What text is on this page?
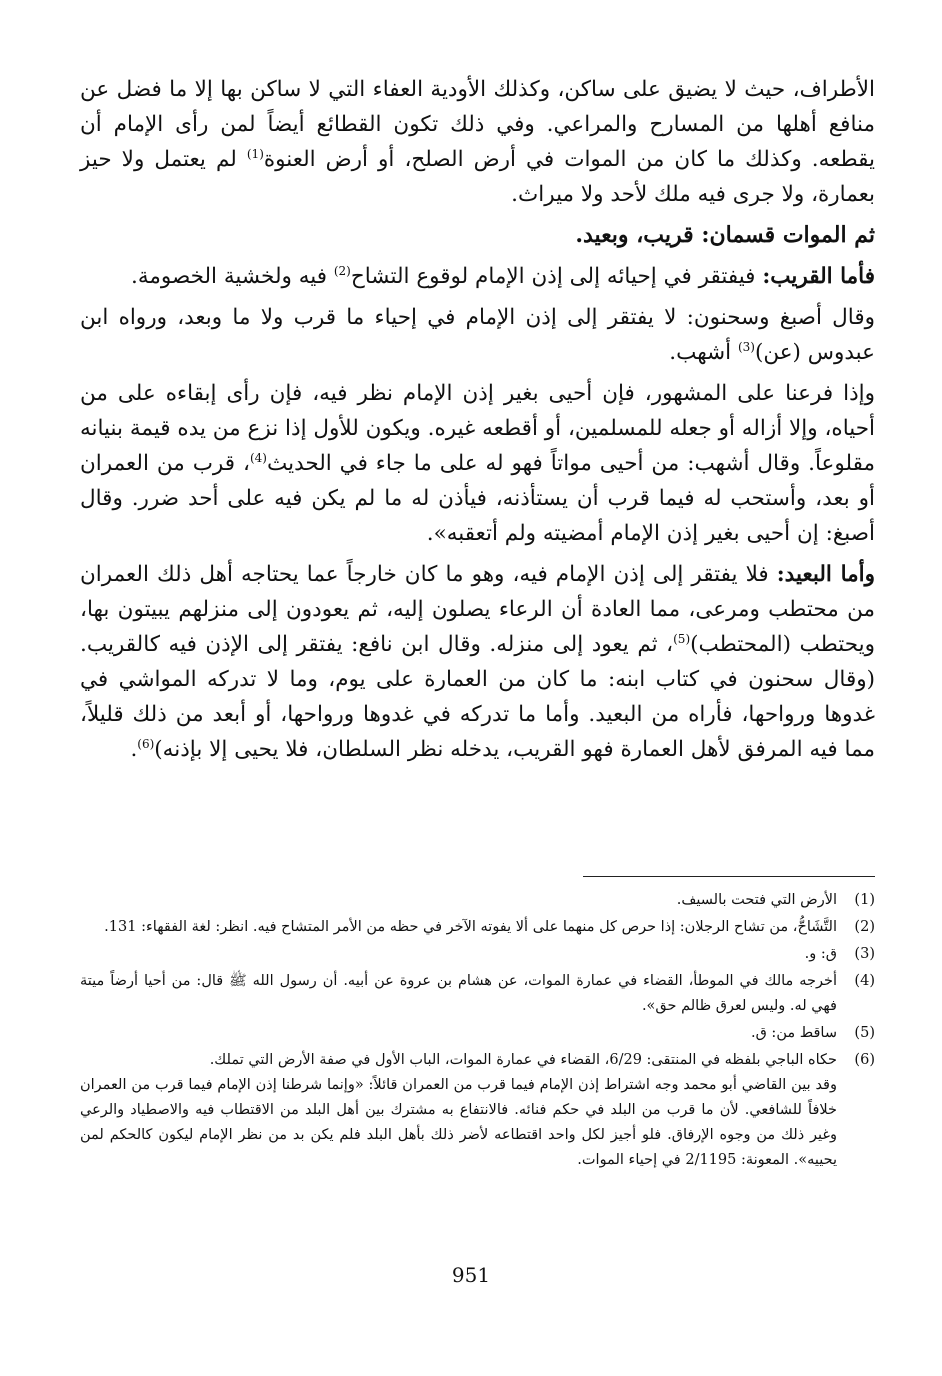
الأطراف، حيث لا يضيق على ساكن، وكذلك الأودية العفاء التي لا ساكن بها إلا ما فضل عن منافع أهلها من المسارح والمراعي. وفي ذلك تكون القطائع أيضاً لمن رأى الإمام أن يقطعه. وكذلك ما كان من الموات في أرض الصلح، أو أرض العنوة$^{(1)}$ لم يعتمل ولا حيز بعمارة، ولا جرى فيه ملك لأحد ولا ميراث.

ثم الموات قسمان: قريب، وبعيد.

فأما القريب: فيفتقر في إحيائه إلى إذن الإمام لوقوع التشاح$^{(2)}$ فيه ولخشية الخصومة.

وقال أصبغ وسحنون: لا يفتقر إلى إذن الإمام في إحياء ما قرب ولا ما وبعد، ورواه ابن عبدوس (عن)$^{(3)}$ أشهب.

وإذا فرعنا على المشهور، فإن أحيى بغير إذن الإمام نظر فيه، فإن رأى إبقاءه على من أحياه، وإلا أزاله أو جعله للمسلمين، أو أقطعه غيره. ويكون للأول إذا نزع من يده قيمة بنيانه مقلوعاً. وقال أشهب: من أحيى مواتاً فهو له على ما جاء في الحديث$^{(4)}$، قرب من العمران أو بعد، وأستحب له فيما قرب أن يستأذنه، فيأذن له ما لم يكن فيه على أحد ضرر. وقال أصبغ: إن أحيى بغير إذن الإمام أمضيته ولم أتعقبه».

وأما البعيد: فلا يفتقر إلى إذن الإمام فيه، وهو ما كان خارجاً عما يحتاجه أهل ذلك العمران من محتطب ومرعى، مما العادة أن الرعاء يصلون إليه، ثم يعودون إلى منزلهم يبيتون بها، ويحتطب (المحتطب)$^{(5)}$، ثم يعود إلى منزله. وقال ابن نافع: يفتقر إلى الإذن فيه كالقريب. (وقال سحنون في كتاب ابنه: ما كان من العمارة على يوم، وما لا تدركه المواشي في غدوها ورواحها، فأراه من البعيد. وأما ما تدركه في غدوها ورواحها، أو أبعد من ذلك قليلاً، مما فيه المرفق لأهل العمارة فهو القريب، يدخله نظر السلطان، فلا يحيى إلا بإذنه)$^{(6)}$.

(1)

الأرض التي فتحت بالسيف.

(2)

التَّشَاحُّ، من تشاح الرجلان: إذا حرص كل منهما على ألا يفوته الآخر في حظه من الأمر المتشاح فيه. انظر: لغة الفقهاء: 131.

(3)

ق: و.

(4)

أخرجه مالك في الموطأ، القضاء في عمارة الموات، عن هشام بن عروة عن أبيه. أن رسول الله ﷺ قال: من أحيا أرضاً ميتة فهي له. وليس لعرق ظالم حق».

(5)

ساقط من: ق.

(6)

حكاه الباجي بلفظه في المنتقى: 6/29، القضاء في عمارة الموات، الباب الأول في صفة الأرض التي تملك.

وقد بين القاضي أبو محمد وجه اشتراط إذن الإمام فيما قرب من العمران قائلاً: «وإنما شرطنا إذن الإمام فيما قرب من العمران خلافاً للشافعي. لأن ما قرب من البلد في حكم فنائه. فالانتفاع به مشترك بين أهل البلد من الاقتطاب فيه والاصطياد والرعي وغير ذلك من وجوه الإرفاق. فلو أجيز لكل واحد اقتطاعه لأضر ذلك بأهل البلد فلم يكن بد من نظر الإمام ليكون كالحكم لمن يحييه». المعونة: 2/1195 في إحياء الموات.

951
